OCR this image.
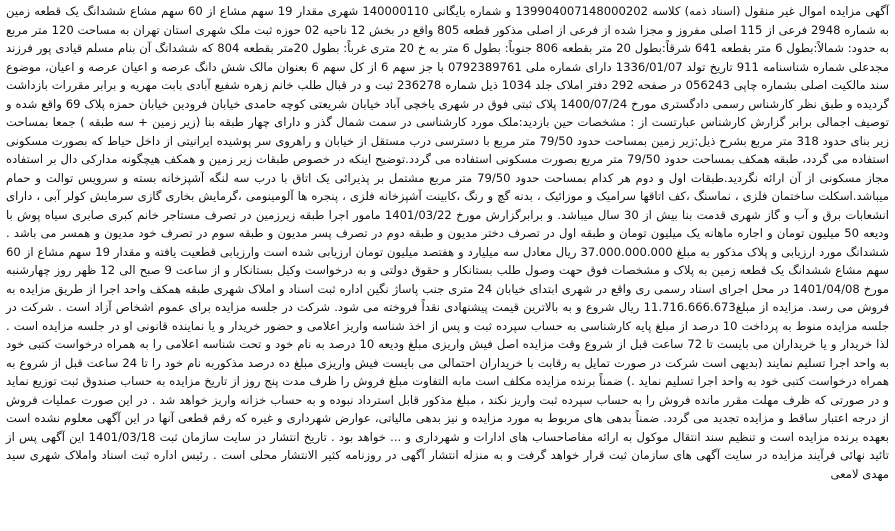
آگهی مزایده اموال غیر منقول (اسناد ذمه) کلاسه 139904007148000202 و شماره بایگانی 140000110 شهری مقدار 19 سهم مشاع از 60 سهم مشاع ششدانگ یک قطعه زمین به شماره 2948 فرعی از 115 اصلی مفروز و مجزا شده از فرعی از اصلی مذکور قطعه 805 واقع در بخش 12 ناحیه 02 حوزه ثبت ملک شهری استان تهران به مساحت 120 متر مربع به حدود: شمالاً:بطول 6 متر بقطعه 641 شرقاً:بطول 20 متر بقطعه 806 جنوباً: بطول 6 متر به خ 20 متری غرباً: بطول 20متر بقطعه 804 که ششدانگ آن بنام مسلم قیادی پور فرزند مجدعلی شماره شناسنامه 911 تاریخ تولد 1336/01/07 دارای شماره ملی 0792389761 با جز سهم 6 از کل سهم 6 بعنوان مالک شش دانگ عرصه و اعیان عرصه و اعیان، موضوع سند مالکیت اصلی بشماره چاپی 056243 در صفحه 292 دفتر املاک جلد 1034 ذیل شماره 236278 ثبت و در قبال طلب خانم زهره شفیع آبادی بابت مهریه و برابر مقررات بازداشت گردیده و طبق نظر کارشناس رسمی دادگستری مورخ 1400/07/24 پلاک ثبتی فوق در شهری یاخچی آباد خیابان شریعتی کوچه حامدی خیابان فرودین خیابان حمزه پلاک 69 واقع شده و توصیف اجمالی برابر گزارش کارشناس عبارتست از : مشخصات حین بازدید:ملک مورد کارشناسی در سمت شمال گذر و دارای چهار طبقه بنا (زیر زمین + سه طبقه ) جمعا بمساحت زیر بنای حدود 318 متر مربع بشرح ذیل:زیر زمین بمساحت حدود 79/50 متر مربع با دسترسی درب مستقل از خیابان و راهروی سر پوشیده ایرانیتی از داخل حیاط که بصورت مسکونی استفاده می گردد، طبقه همکف بمساحت حدود 79/50 متر مربع بصورت مسکونی استفاده می گردد.توضیح اینکه در خصوص طبقات زیر زمین و همکف هیچگونه مدارکی دال بر استفاده مجاز مسکونی از آن ارائه نگردید.طبقات اول و دوم هر کدام بمساحت حدود 79/50 متر مربع مشتمل بر پذیرائی یک اتاق با درب سه لنگه آشپزخانه بسته و سرویس توالت و حمام میباشد.اسکلت ساختمان فلزی ، نماسنگ ،کف اتاقها سرامیک و موزائیک ، بدنه گچ و رنگ ،کابینت آشپزخانه فلزی ، پنجره ها آلومینومی ،گرمایش بخاری گازی سرمایش کولر آبی ، دارای انشعابات برق و آب و گاز شهری قدمت بنا بیش از 30 سال میباشد. و برابرگزارش مورخ 1401/03/22 مامور اجرا طبقه زیرزمین در تصرف مستاجر خانم کبری صابری سیاه پوش با ودیعه 50 میلیون تومان و اجاره ماهانه یک میلیون تومان و طبقه اول در تصرف دختر مدیون و طبقه دوم در تصرف پسر مدیون و طبقه سوم در تصرف خود مدیون و همسر می باشد . ششدانگ مورد ارزیابی و پلاک مذکور به مبلغ 37.000.000.000 ریال معادل سه میلیارد و هفتصد میلیون تومان ارزیابی شده است وارزیابی قطعیت یافته و مقدار 19 سهم مشاع از 60 سهم مشاع ششدانگ یک قطعه زمین به پلاک و مشخصات فوق حهت وصول طلب بستانکار و حقوق دولتی و به درخواست وکیل بستانکار و از ساعت 9 صبح الی 12 ظهر روز چهارشنبه مورخ 1401/04/08 در محل اجرای اسناد رسمی ری واقع در شهری ابتدای خیابان 24 متری جنب پاساژ نگین اداره ثبت اسناد و املاک شهری طبقه همکف واحد اجرا از طریق مزایده به فروش می رسد. مزایده از مبلغ11.716.666.673 ریال شروع و به بالاترین قیمت پیشنهادی نقداً فروخته می شود. شرکت در جلسه مزایده برای عموم اشخاص آزاد است . شرکت در جلسه مزایده منوط به پرداخت 10 درصد از مبلغ پایه کارشناسی به حساب سپرده ثبت و پس از اخذ شناسه واریز اعلامی و حضور خریدار و یا نماینده قانونی او در جلسه مزایده است . لذا خریدار و یا خریداران می بایست تا 72 ساعت قبل از شروع وقت مزایده اصل فیش واریزی مبلغ ودیعه 10 درصد به نام خود و تحت شناسه اعلامی را به همراه درخواست کتبی خود به واحد اجرا تسلیم نمایند (بدیهی است شرکت در صورت تمایل به رقابت با خریداران احتمالی می بایست فیش واریزی مبلغ ده درصد مذکوربه نام خود را تا 24 ساعت قبل از شروع به همراه درخواست کتبی خود به واحد اجرا تسلیم نماید .) ضمناً برنده مزایده مکلف است مابه التفاوت مبلغ فروش را ظرف مدت پنج روز از تاریخ مزایده به حساب صندوق ثبت توزیع نماید و در صورتی که ظرف مهلت مقرر مانده فروش را به حساب سپرده ثبت واریز نکند ، مبلغ مذکور قابل استرداد نبوده و به حساب خزانه واریز خواهد شد . در این صورت عملیات فروش از درجه اعتبار ساقط و مزایده تجدید می گردد. ضمناً بدهی های مربوط به مورد مزایده و نیز بدهی مالیاتی، عوارض شهرداری و غیره که رقم قطعی آنها در این آگهی معلوم نشده است بعهده برنده مزایده است و تنظیم سند انتقال موکول به ارائه مفاصاحساب های ادارات و شهرداری و ... خواهد بود . تاریخ انتشار در سایت سازمان ثبت 1401/03/18 این آگهی پس از تائید نهائی فرآیند مزایده در سایت آگهی های سازمان ثبت قرار خواهد گرفت و به منزله انتشار آگهی در روزنامه کثیر الانتشار محلی است . رئیس اداره ثبت اسناد واملاک شهری سید مهدی لامعی
